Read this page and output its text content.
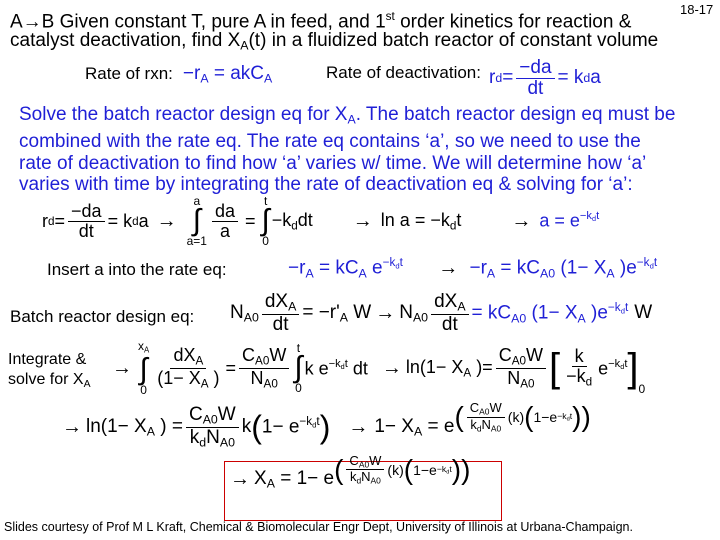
A→B Given constant T, pure A in feed, and 1st order kinetics for reaction &
18-17
catalyst deactivation, find $X_A(t)$ in a fluidized batch reactor of constant volume
Rate of rxn:  $-r_A = akC_A$	Rate of deactivation: r $d = \frac{-da}{dt} = k$ d a
Solve the batch reactor design eq for $X_A$. The batch reactor design eq must be
combined with the rate eq. The rate eq contains ‘a’, so we need to use the
rate of deactivation to find how ‘a’ varies w/ time. We will determine how ‘a’
varies with time by integrating the rate of deactivation eq & solving for ‘a’:
r $d = \frac{-da}{dt} = k$ d a →
a
∫
a=1
$\frac{da}{a}$ =
t
∫
0
$-k_ddt \to \ln a = -k_dt$	→ $a = e^{-k_dt}$
Insert a into the rate eq:	$-r_A = kC_A$ $e^{-k_dt} \to -r_A = kC_{A0}$ ($1- X_A$ )$e^{-k_dt}$
Batch reactor design eq: $N_{A0} \frac{dX_A}{dt} = -r'_A$ $W \to N_{A0} \frac{dX_A}{dt} = kC_{A0}$ ($1- X_A$ )$e^{-k_dt}$ W
Integrate &
solve for $X_A$
→
$x_A$
∫
$0 \frac{dX_A}{(1- X_A )} = \frac{C_{A0}W}{N_{A0}}$ t
∫
0
k $e^{-k_dt}$ dt → $\ln(1- X_A$ )= $\frac{C_{A0}W}{N_{A0}}$ [ $\frac{k}{-k_d} e^{-k_dt}$ ] 0
→ $\ln(1- X_A$ ) = $\frac{C_{A0}W}{k_dN_{A0}}$ k ( $1- e^{-k_dt}$ ) → $1- X_A = e$ ( $\frac{C_{A0}W}{k_dN_{A0}} (k)$ ( $1-e -k_dt$ ) )
→ $X_A = 1- e$ ( $\frac{C_{A0}W}{k_dN_{A0}} (k)$ ( $1-e -k_dt$ ) )
Slides courtesy of Prof M L Kraft, Chemical & Biomolecular Engr Dept, University of Illinois at Urbana-Champaign.
